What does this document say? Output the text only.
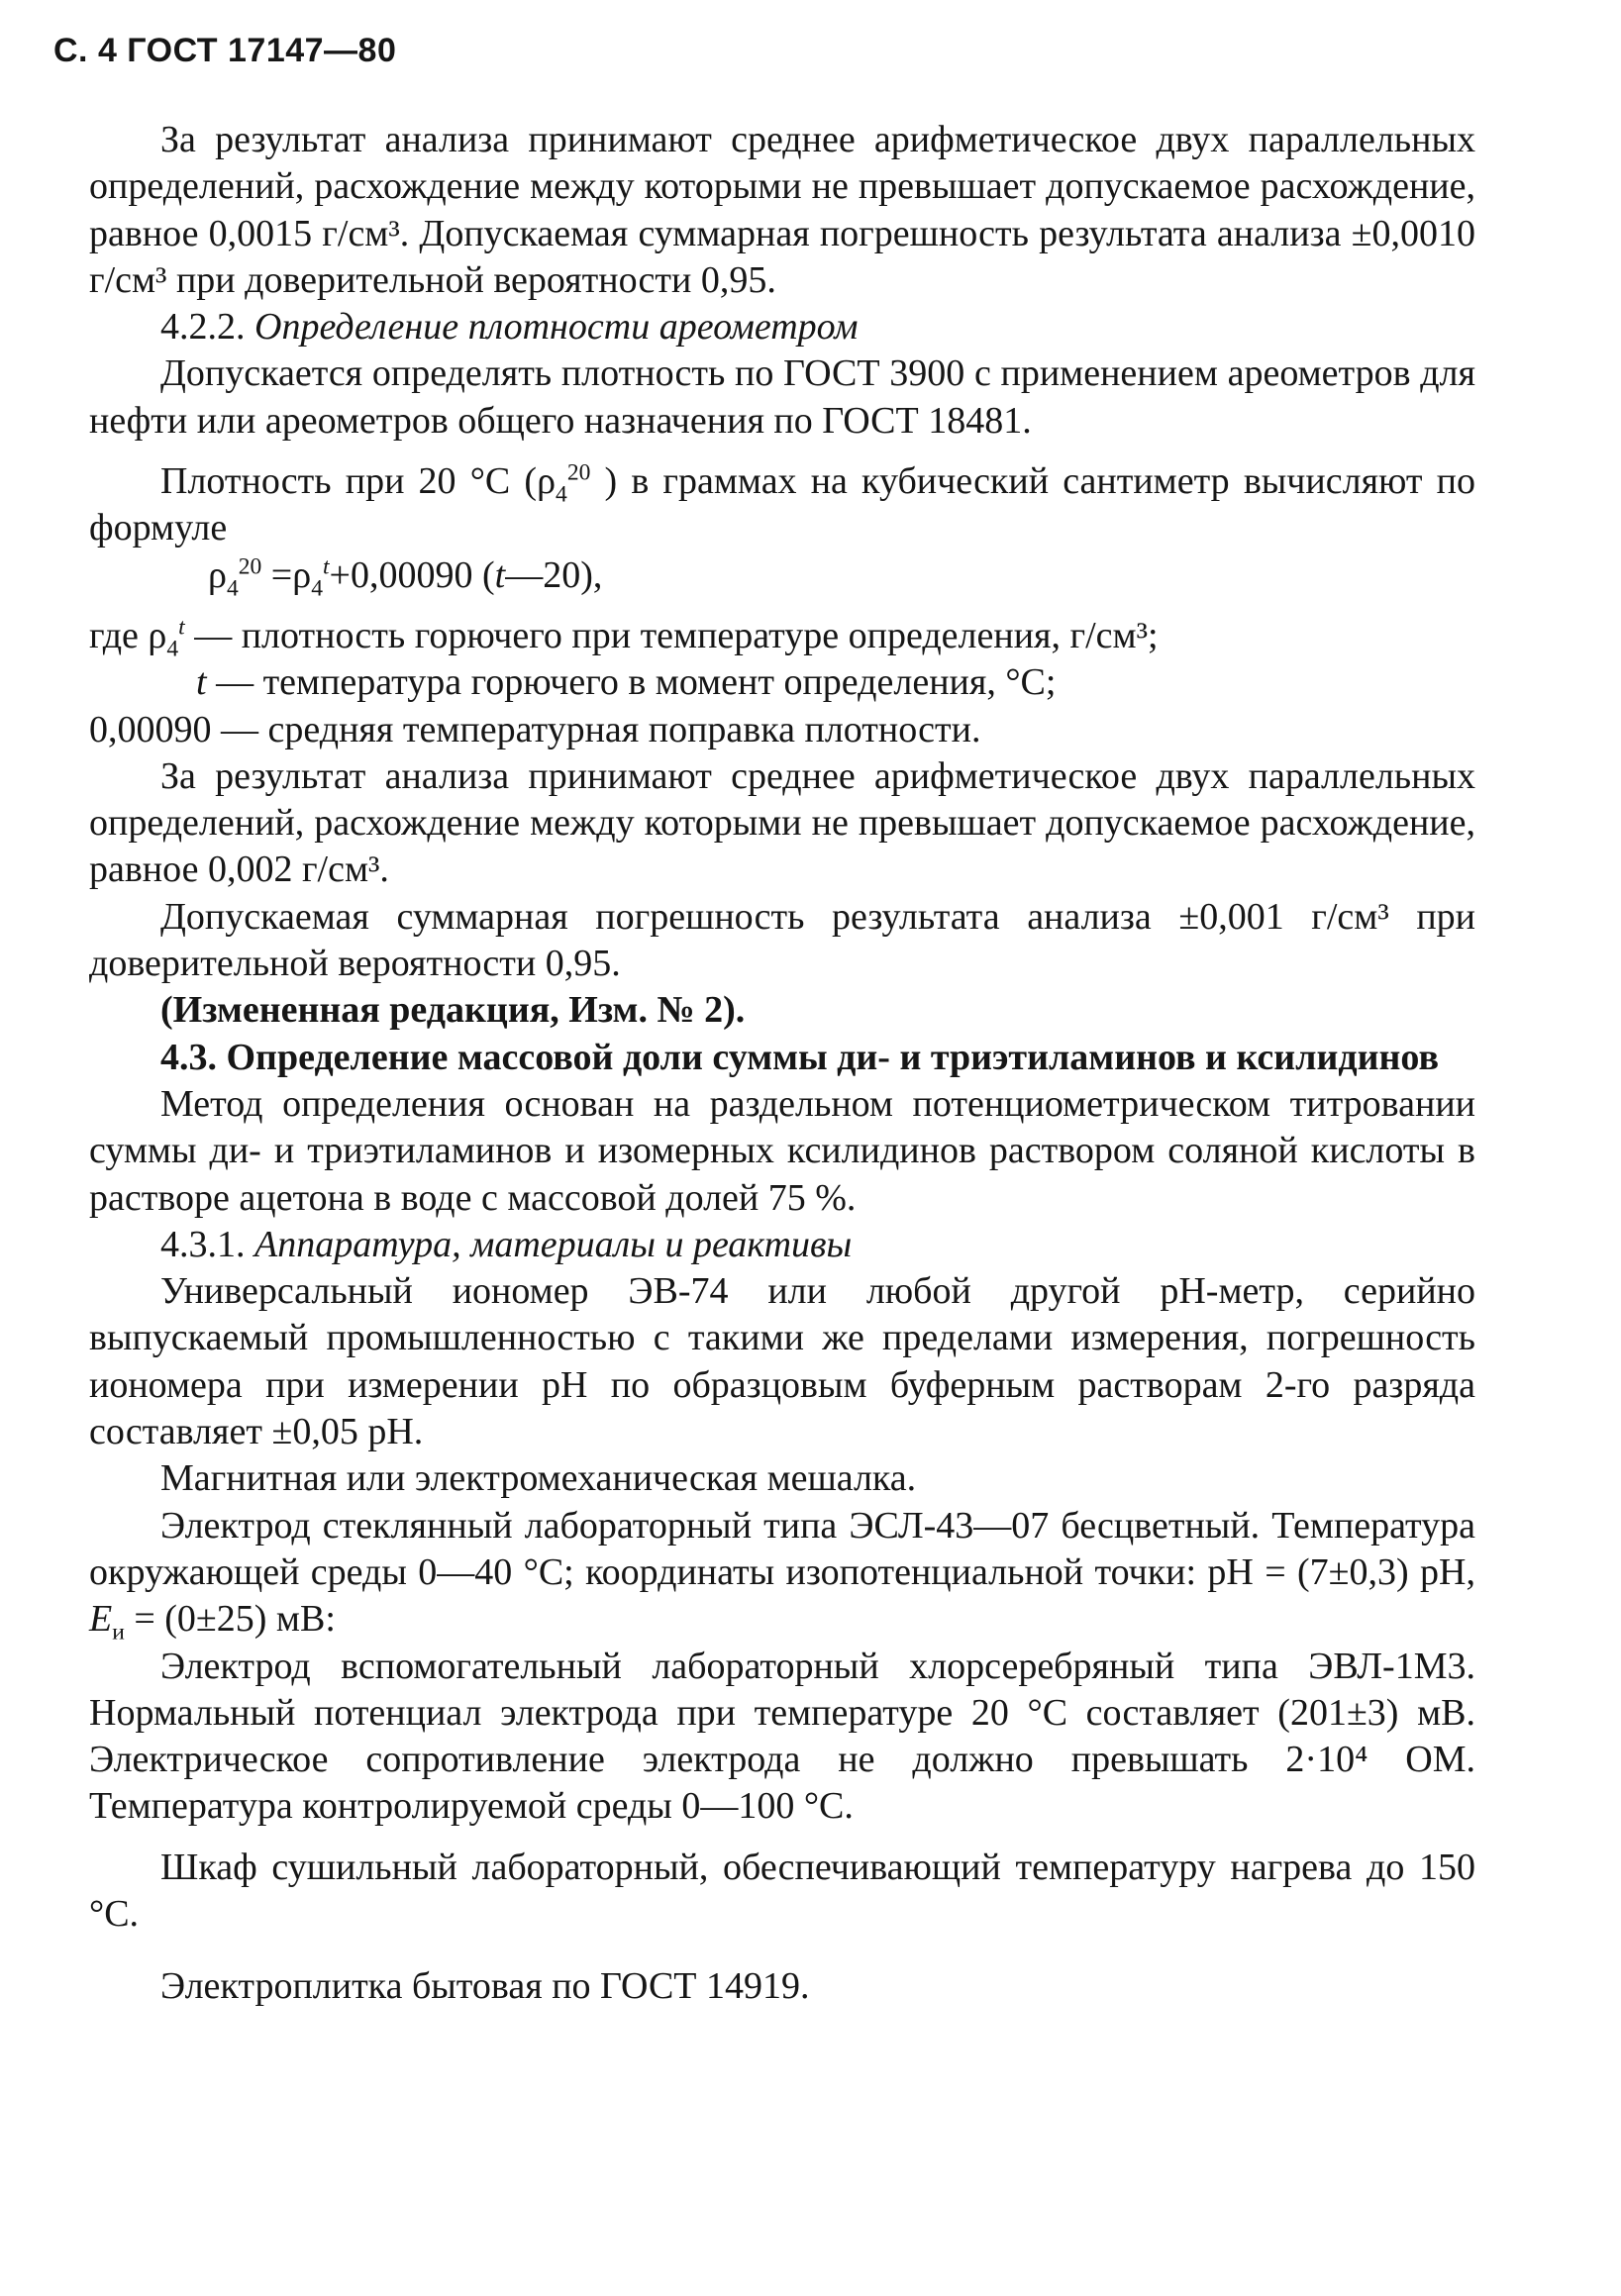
С. 4 ГОСТ 17147—80
За результат анализа принимают среднее арифметическое двух параллельных определений, расхождение между которыми не превышает допускаемое расхождение, равное 0,0015 г/см³. Допускаемая суммарная погрешность результата анализа ±0,0010 г/см³ при доверительной вероятности 0,95.
4.2.2. Определение плотности ареометром
Допускается определять плотность по ГОСТ 3900 с применением ареометров для нефти или ареометров общего назначения по ГОСТ 18481.
Плотность при 20 °C ($\rho_4^{20}$ ) в граммах на кубический сантиметр вычисляют по формуле
$\rho_4^{20} =\rho_4^t+0,00090$ (t—20),
где $\rho_4^t$ — плотность горючего при температуре определения, г/см³;
t — температура горючего в момент определения, °C;
0,00090 — средняя температурная поправка плотности.
За результат анализа принимают среднее арифметическое двух параллельных определений, расхождение между которыми не превышает допускаемое расхождение, равное 0,002 г/см³.
Допускаемая суммарная погрешность результата анализа ±0,001 г/см³ при доверительной вероятности 0,95.
(Измененная редакция, Изм. № 2).
4.3. Определение массовой доли суммы ди- и триэтиламинов и ксилидинов
Метод определения основан на раздельном потенциометрическом титровании суммы ди- и триэтиламинов и изомерных ксилидинов раствором соляной кислоты в растворе ацетона в воде с массовой долей 75 %.
4.3.1. Аппаратура, материалы и реактивы
Универсальный иономер ЭВ-74 или любой другой pH-метр, серийно выпускаемый промышленностью с такими же пределами измерения, погрешность иономера при измерении pH по образцовым буферным растворам 2-го разряда составляет ±0,05 pH.
Магнитная или электромеханическая мешалка.
Электрод стеклянный лабораторный типа ЭСЛ-43—07 бесцветный. Температура окружающей среды 0—40 °C; координаты изопотенциальной точки: pH = (7±0,3) pH, $E_и = (0\pm 25)$ мВ:
Электрод вспомогательный лабораторный хлорсеребряный типа ЭВЛ-1М3. Нормальный потенциал электрода при температуре 20 °C составляет (201±3) мВ. Электрическое сопротивление электрода не должно превышать 2·10⁴ ОМ. Температура контролируемой среды 0—100 °C.
Шкаф сушильный лабораторный, обеспечивающий температуру нагрева до 150 °C.
Электроплитка бытовая по ГОСТ 14919.
